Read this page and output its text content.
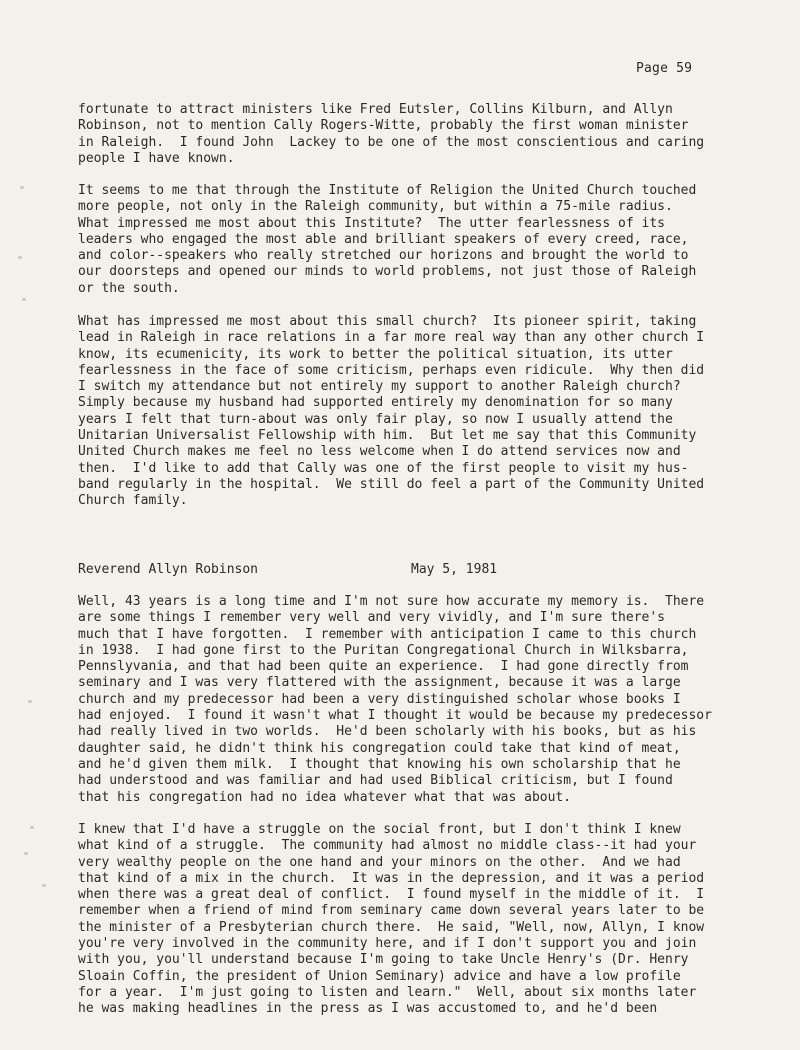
Page 59
fortunate to attract ministers like Fred Eutsler, Collins Kilburn, and Allyn
Robinson, not to mention Cally Rogers-Witte, probably the first woman minister
in Raleigh.  I found John  Lackey to be one of the most conscientious and caring
people I have known.
It seems to me that through the Institute of Religion the United Church touched
more people, not only in the Raleigh community, but within a 75-mile radius.
What impressed me most about this Institute?  The utter fearlessness of its
leaders who engaged the most able and brilliant speakers of every creed, race,
and color--speakers who really stretched our horizons and brought the world to
our doorsteps and opened our minds to world problems, not just those of Raleigh
or the south.
What has impressed me most about this small church?  Its pioneer spirit, taking
lead in Raleigh in race relations in a far more real way than any other church I
know, its ecumenicity, its work to better the political situation, its utter
fearlessness in the face of some criticism, perhaps even ridicule.  Why then did
I switch my attendance but not entirely my support to another Raleigh church?
Simply because my husband had supported entirely my denomination for so many
years I felt that turn-about was only fair play, so now I usually attend the
Unitarian Universalist Fellowship with him.  But let me say that this Community
United Church makes me feel no less welcome when I do attend services now and
then.  I'd like to add that Cally was one of the first people to visit my hus-
band regularly in the hospital.  We still do feel a part of the Community United
Church family.
Reverend Allyn Robinson	May 5, 1981
Well, 43 years is a long time and I'm not sure how accurate my memory is.  There
are some things I remember very well and very vividly, and I'm sure there's
much that I have forgotten.  I remember with anticipation I came to this church
in 1938.  I had gone first to the Puritan Congregational Church in Wilksbarra,
Pennslyvania, and that had been quite an experience.  I had gone directly from
seminary and I was very flattered with the assignment, because it was a large
church and my predecessor had been a very distinguished scholar whose books I
had enjoyed.  I found it wasn't what I thought it would be because my predecessor
had really lived in two worlds.  He'd been scholarly with his books, but as his
daughter said, he didn't think his congregation could take that kind of meat,
and he'd given them milk.  I thought that knowing his own scholarship that he
had understood and was familiar and had used Biblical criticism, but I found
that his congregation had no idea whatever what that was about.
I knew that I'd have a struggle on the social front, but I don't think I knew
what kind of a struggle.  The community had almost no middle class--it had your
very wealthy people on the one hand and your minors on the other.  And we had
that kind of a mix in the church.  It was in the depression, and it was a period
when there was a great deal of conflict.  I found myself in the middle of it.  I
remember when a friend of mind from seminary came down several years later to be
the minister of a Presbyterian church there.  He said, "Well, now, Allyn, I know
you're very involved in the community here, and if I don't support you and join
with you, you'll understand because I'm going to take Uncle Henry's (Dr. Henry
Sloain Coffin, the president of Union Seminary) advice and have a low profile
for a year.  I'm just going to listen and learn."  Well, about six months later
he was making headlines in the press as I was accustomed to, and he'd been
